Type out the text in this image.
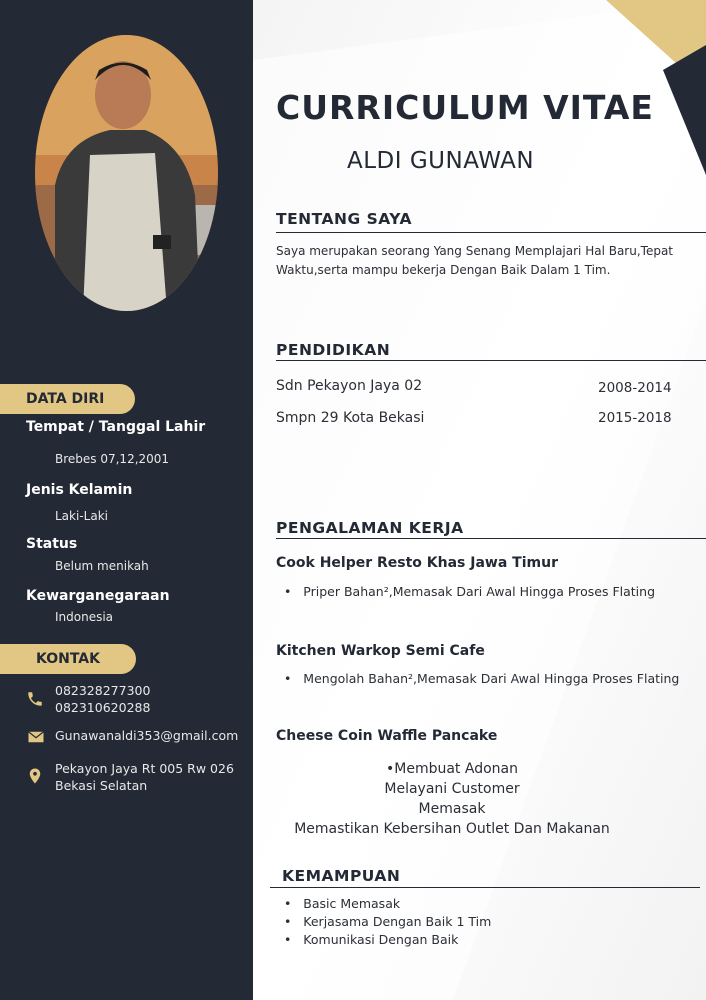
DATA DIRI
Tempat / Tanggal Lahir
Brebes 07,12,2001
Jenis Kelamin
Laki-Laki
Status
Belum menikah
Kewarganegaraan
Indonesia
KONTAK
082328277300
082310620288
Gunawanaldi353@gmail.com
Pekayon Jaya Rt 005 Rw 026
Bekasi Selatan
CURRICULUM VITAE
ALDI GUNAWAN
TENTANG SAYA
Saya merupakan seorang Yang Senang Memplajari Hal Baru,Tepat
Waktu,serta mampu bekerja Dengan Baik Dalam 1 Tim.
PENDIDIKAN
Sdn Pekayon Jaya 02	2008-2014
Smpn 29 Kota Bekasi	2015-2018
PENGALAMAN KERJA
Cook Helper Resto Khas Jawa Timur
•   Priper Bahan²,Memasak Dari Awal Hingga Proses Flating
Kitchen Warkop Semi Cafe
•   Mengolah Bahan²,Memasak Dari Awal Hingga Proses Flating
Cheese Coin Waffle Pancake
•Membuat Adonan
Melayani Customer
Memasak
Memastikan Kebersihan Outlet Dan Makanan
KEMAMPUAN
•   Basic Memasak
•   Kerjasama Dengan Baik 1 Tim
•   Komunikasi Dengan Baik
